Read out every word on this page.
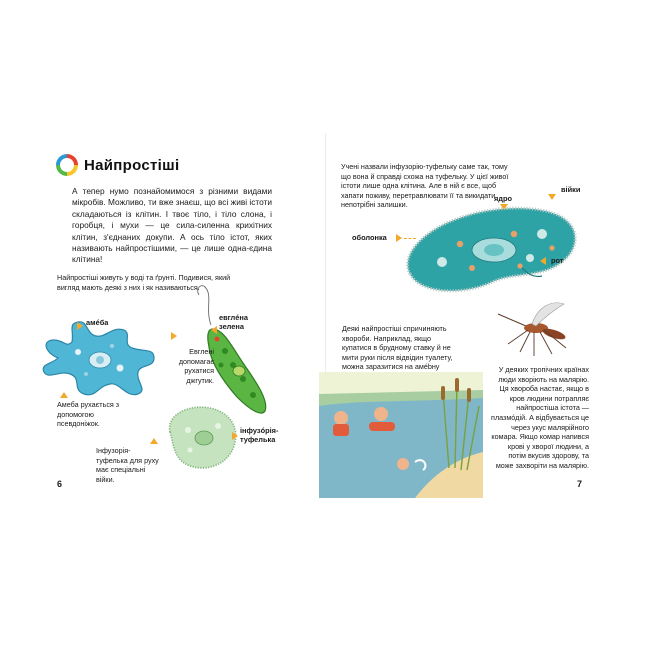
Найпростіші
А тепер нумо познайомимося з різними видами мікробів. Можливо, ти вже знаєш, що всі живі істоти складаються із клітин. І твоє тіло, і тіло слона, і горобця, і мухи — це сила-силенна крихітних клітин, з'єднаних докупи. А ось тіло істот, яких називають найпростішими, — це лише одна-єдина клітина!
Найпростіші живуть у воді та ґрунті. Подивися, який вигляд мають деякі з них і як називаються.
амéба
Амеба рухається з допомогою псевдоніжок.
евглéна зелена
Евглені допомагає рухатися джгутик.
інфузóрія-туфелька
Інфузорія-туфелька для руху має спеціальні війки.
6
Учені назвали інфузорію-туфельку саме так, тому що вона й справді схожа на туфельку. У цієї живої істоти лише одна клітина. Але в ній є все, щоб хапати поживу, перетравлювати її та викидати непотрібні залишки.
війки
ядро
оболонка
рот
Деякі найпростіші спричиняють хвороби. Наприклад, якщо купатися в брудному ставку й не мити руки після відвідин туалету, можна заразитися на амébну	У деяких тропічних країнах люди хворіють на малярію. Ця хвороба настає, якщо в кров людини потрапляє найпростіша істота — плазмóдій. А відбувається це через укус малярійного комара. Якщо комар напився крові у хворої людини, а потім вкусив здорову, та може захворіти на малярію.
7
